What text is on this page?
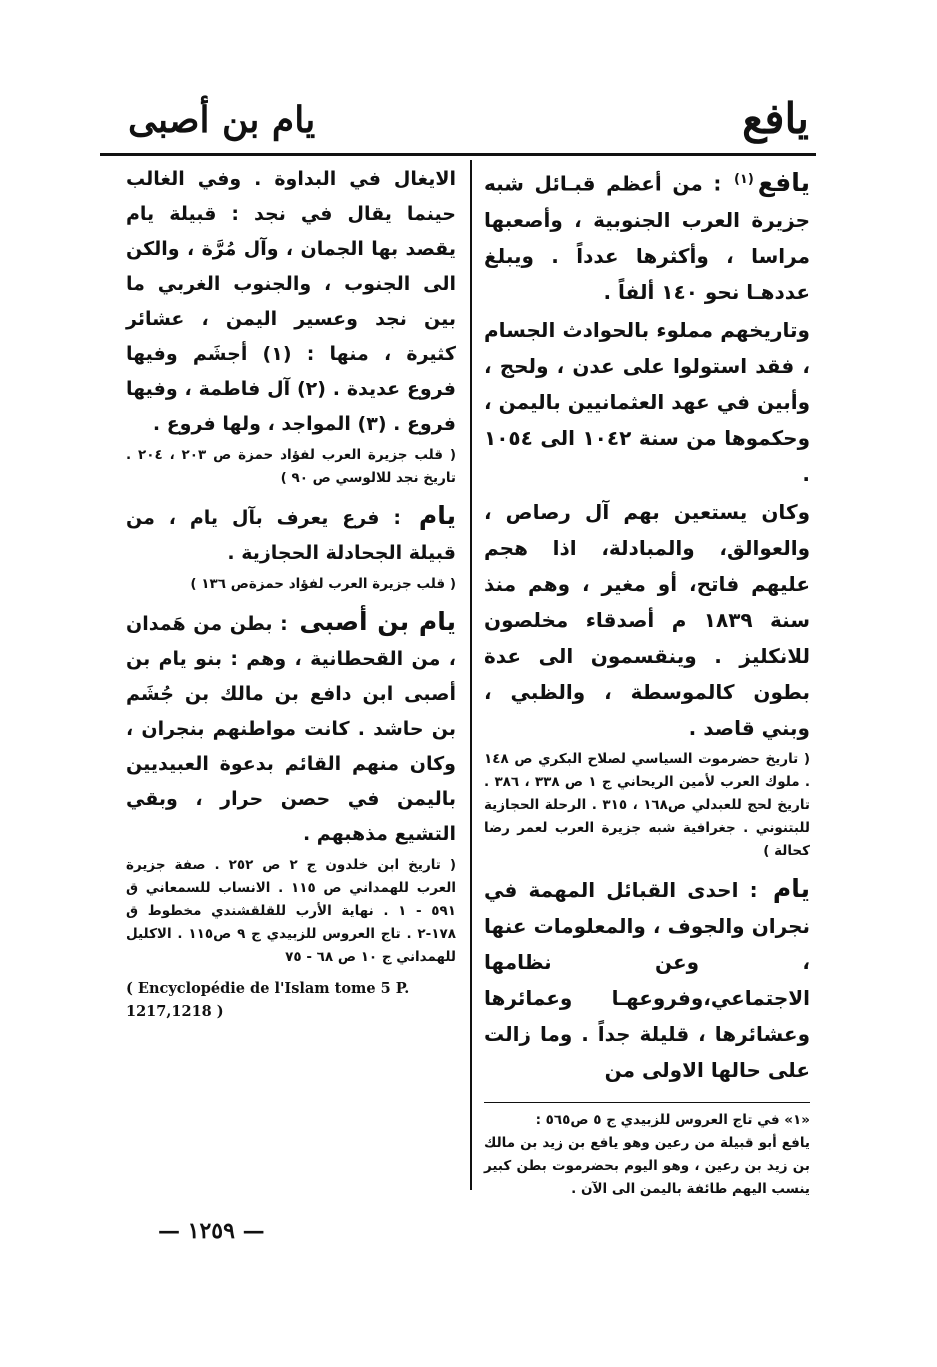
يافع
يام بن أصبى

يافع$^{(١)}$ : من أعظم قبـائل شبه جزيرة العرب الجنوبية ، وأصعبها مراسا ، وأكثرها عدداً . ويبلغ عددهـا نحو ١٤٠ ألفاً .

وتاريخهم مملوء بالحوادث الجسام ، فقد استولوا على عدن ، ولحج ، وأبين في عهد العثمانيين باليمن ، وحكموها من سنة ١٠٤٢ الى ١٠٥٤ .

وكان يستعين بهم آل رصاص ، والعوالق، والمبادلة، اذا هجم عليهم فاتح، أو مغير ، وهم منذ سنة ١٨٣٩ م أصدقاء مخلصون للانكليز . وينقسمون الى عدة بطون كالموسطة ، والظبي ، وبني قاصد .

( تاريخ حضرموت السياسي لصلاح البكري ص ١٤٨ . ملوك العرب لأمين الريحاني ج ١ ص ٣٣٨ ، ٣٨٦ . تاريخ لحج للعبدلي ص١٦٨ ، ٣١٥ . الرحلة الحجازية للبتنوني . جغرافية شبه جزيرة العرب لعمر رضا كحالة )

يام : احدى القبائل المهمة في نجران والجوف ، والمعلومات عنها ، وعن نظامها الاجتماعي،وفروعهـا وعمائرها وعشائرها ، قليلة جداً . وما زالت على حالها الاولى من

«١» في تاج العروس للزبيدي ج ٥ ص٥٦٥ :

يافع أبو قبيلة من رعين وهو يافع بن زيد بن مالك بن زيد بن رعين ، وهو اليوم بحضرموت بطن كبير ينسب اليهم طائفة باليمن الى الآن .

الايغال في البداوة . وفي الغالب حينما يقال في نجد : قبيلة يام يقصد بها الجمان ، وآل مُرَّة ، والكن الى الجنوب ، والجنوب الغربي ما بين نجد وعسير اليمن ، عشائر كثيرة ، منها : (١) أجشَم وفيها فروع عديدة . (٢) آل فاطمة ، وفيها فروع . (٣) المواجد ، ولها فروع .

( قلب جزيرة العرب لفؤاد حمزة ص ٢٠٣ ، ٢٠٤ . تاريخ نجد للالوسي ص ٩٠ )

يام : فرع يعرف بآل يام ، من قبيلة الجحادلة الحجازية .

( قلب جزيرة العرب لفؤاد حمزةص ١٣٦ )

يام بن أصبى : بطن من هَمدان ، من القحطانية ، وهم : بنو يام بن أصبى ابن دافع بن مالك بن جُشَم بن حاشد . كانت مواطنهم بنجران ، وكان منهم القائم بدعوة العبيديين باليمن في حصن حرار ، وبقي التشيع مذهبهم .

( تاريخ ابن خلدون ج ٢ ص ٢٥٢ . صفة جزيرة العرب للهمداني ص ١١٥ . الانساب للسمعاني ق ٥٩١ - ١ . نهاية الأرب للقلقشندي مخطوط ق ١٧٨-٢ . تاج العروس للزبيدي ج ٩ ص١١٥ . الاكليل للهمداني ج ١٠ ص ٦٨ - ٧٥

( Encyclopédie de l'Islam tome 5 P. 1217,1218 )

— ١٢٥٩ —
